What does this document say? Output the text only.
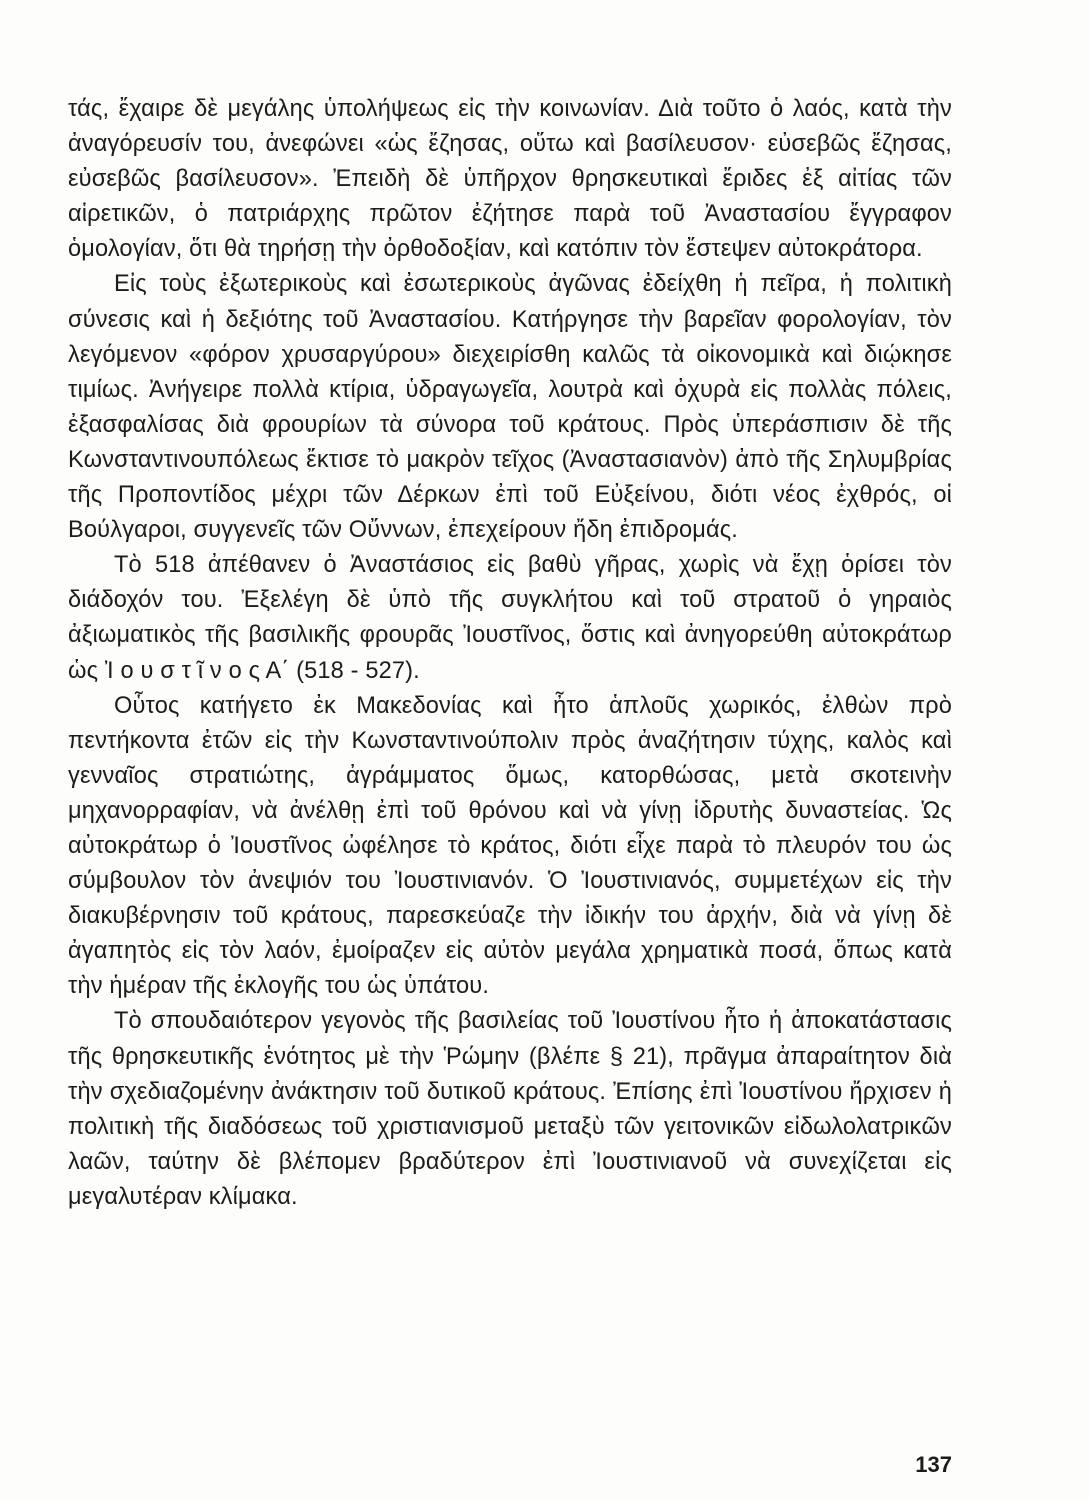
τάς, ἔχαιρε δὲ μεγάλης ὑπολήψεως εἰς τὴν κοινωνίαν. Διὰ τοῦτο ὁ λαός, κατὰ τὴν ἀναγόρευσίν του, ἀνεφώνει «ὡς ἔζησας, οὕτω καὶ βασίλευσον· εὐσεβῶς ἔζησας, εὐσεβῶς βασίλευσον». Ἐπειδὴ δὲ ὑπῆρχον θρησκευτικαὶ ἔριδες ἐξ αἰτίας τῶν αἱρετικῶν, ὁ πατριάρχης πρῶτον ἐζήτησε παρὰ τοῦ Ἀναστασίου ἔγγραφον ὁμολογίαν, ὅτι θὰ τηρήσῃ τὴν ὀρθοδοξίαν, καὶ κατόπιν τὸν ἔστεψεν αὐτοκράτορα.

Εἰς τοὺς ἐξωτερικοὺς καὶ ἐσωτερικοὺς ἀγῶνας ἐδείχθη ἡ πεῖρα, ἡ πολιτικὴ σύνεσις καὶ ἡ δεξιότης τοῦ Ἀναστασίου. Κατήργησε τὴν βαρεῖαν φορολογίαν, τὸν λεγόμενον «φόρον χρυσαργύρου» διεχειρίσθη καλῶς τὰ οἰκονομικὰ καὶ διῴκησε τιμίως. Ἀνήγειρε πολλὰ κτίρια, ὑδραγωγεῖα, λουτρὰ καὶ ὀχυρὰ εἰς πολλὰς πόλεις, ἐξασφαλίσας διὰ φρουρίων τὰ σύνορα τοῦ κράτους. Πρὸς ὑπεράσπισιν δὲ τῆς Κωνσταντινουπόλεως ἔκτισε τὸ μακρὸν τεῖχος (Ἀναστασιανὸν) ἀπὸ τῆς Σηλυμβρίας τῆς Προποντίδος μέχρι τῶν Δέρκων ἐπὶ τοῦ Εὐξείνου, διότι νέος ἐχθρός, οἱ Βούλγαροι, συγγενεῖς τῶν Οὔννων, ἐπεχείρουν ἤδη ἐπιδρομάς.

Τὸ 518 ἀπέθανεν ὁ Ἀναστάσιος εἰς βαθὺ γῆρας, χωρὶς νὰ ἔχῃ ὁρίσει τὸν διάδοχόν του. Ἐξελέγη δὲ ὑπὸ τῆς συγκλήτου καὶ τοῦ στρατοῦ ὁ γηραιὸς ἀξιωματικὸς τῆς βασιλικῆς φρουρᾶς Ἰουστῖνος, ὅστις καὶ ἀνηγορεύθη αὐτοκράτωρ ὡς Ἰ ο υ σ τ ῖ ν ο ς Α΄ (518 - 527).

Οὗτος κατήγετο ἐκ Μακεδονίας καὶ ἦτο ἁπλοῦς χωρικός, ἐλθὼν πρὸ πεντήκοντα ἐτῶν εἰς τὴν Κωνσταντινούπολιν πρὸς ἀναζήτησιν τύχης, καλὸς καὶ γενναῖος στρατιώτης, ἀγράμματος ὅμως, κατορθώσας, μετὰ σκοτεινὴν μηχανορραφίαν, νὰ ἀνέλθῃ ἐπὶ τοῦ θρόνου καὶ νὰ γίνῃ ἱδρυτὴς δυναστείας. Ὡς αὐτοκράτωρ ὁ Ἰουστῖνος ὠφέλησε τὸ κράτος, διότι εἶχε παρὰ τὸ πλευρόν του ὡς σύμβουλον τὸν ἀνεψιόν του Ἰουστινιανόν. Ὁ Ἰουστινιανός, συμμετέχων εἰς τὴν διακυβέρνησιν τοῦ κράτους, παρεσκεύαζε τὴν ἰδικήν του ἀρχήν, διὰ νὰ γίνῃ δὲ ἀγαπητὸς εἰς τὸν λαόν, ἐμοίραζεν εἰς αὐτὸν μεγάλα χρηματικὰ ποσά, ὅπως κατὰ τὴν ἡμέραν τῆς ἐκλογῆς του ὡς ὑπάτου.

Τὸ σπουδαιότερον γεγονὸς τῆς βασιλείας τοῦ Ἰουστίνου ἦτο ἡ ἀποκατάστασις τῆς θρησκευτικῆς ἑνότητος μὲ τὴν Ῥώμην (βλέπε § 21), πρᾶγμα ἀπαραίτητον διὰ τὴν σχεδιαζομένην ἀνάκτησιν τοῦ δυτικοῦ κράτους. Ἐπίσης ἐπὶ Ἰουστίνου ἤρχισεν ἡ πολιτικὴ τῆς διαδόσεως τοῦ χριστιανισμοῦ μεταξὺ τῶν γειτονικῶν εἰδωλολατρικῶν λαῶν, ταύτην δὲ βλέπομεν βραδύτερον ἐπὶ Ἰουστινιανοῦ νὰ συνεχίζεται εἰς μεγαλυτέραν κλίμακα.

137
